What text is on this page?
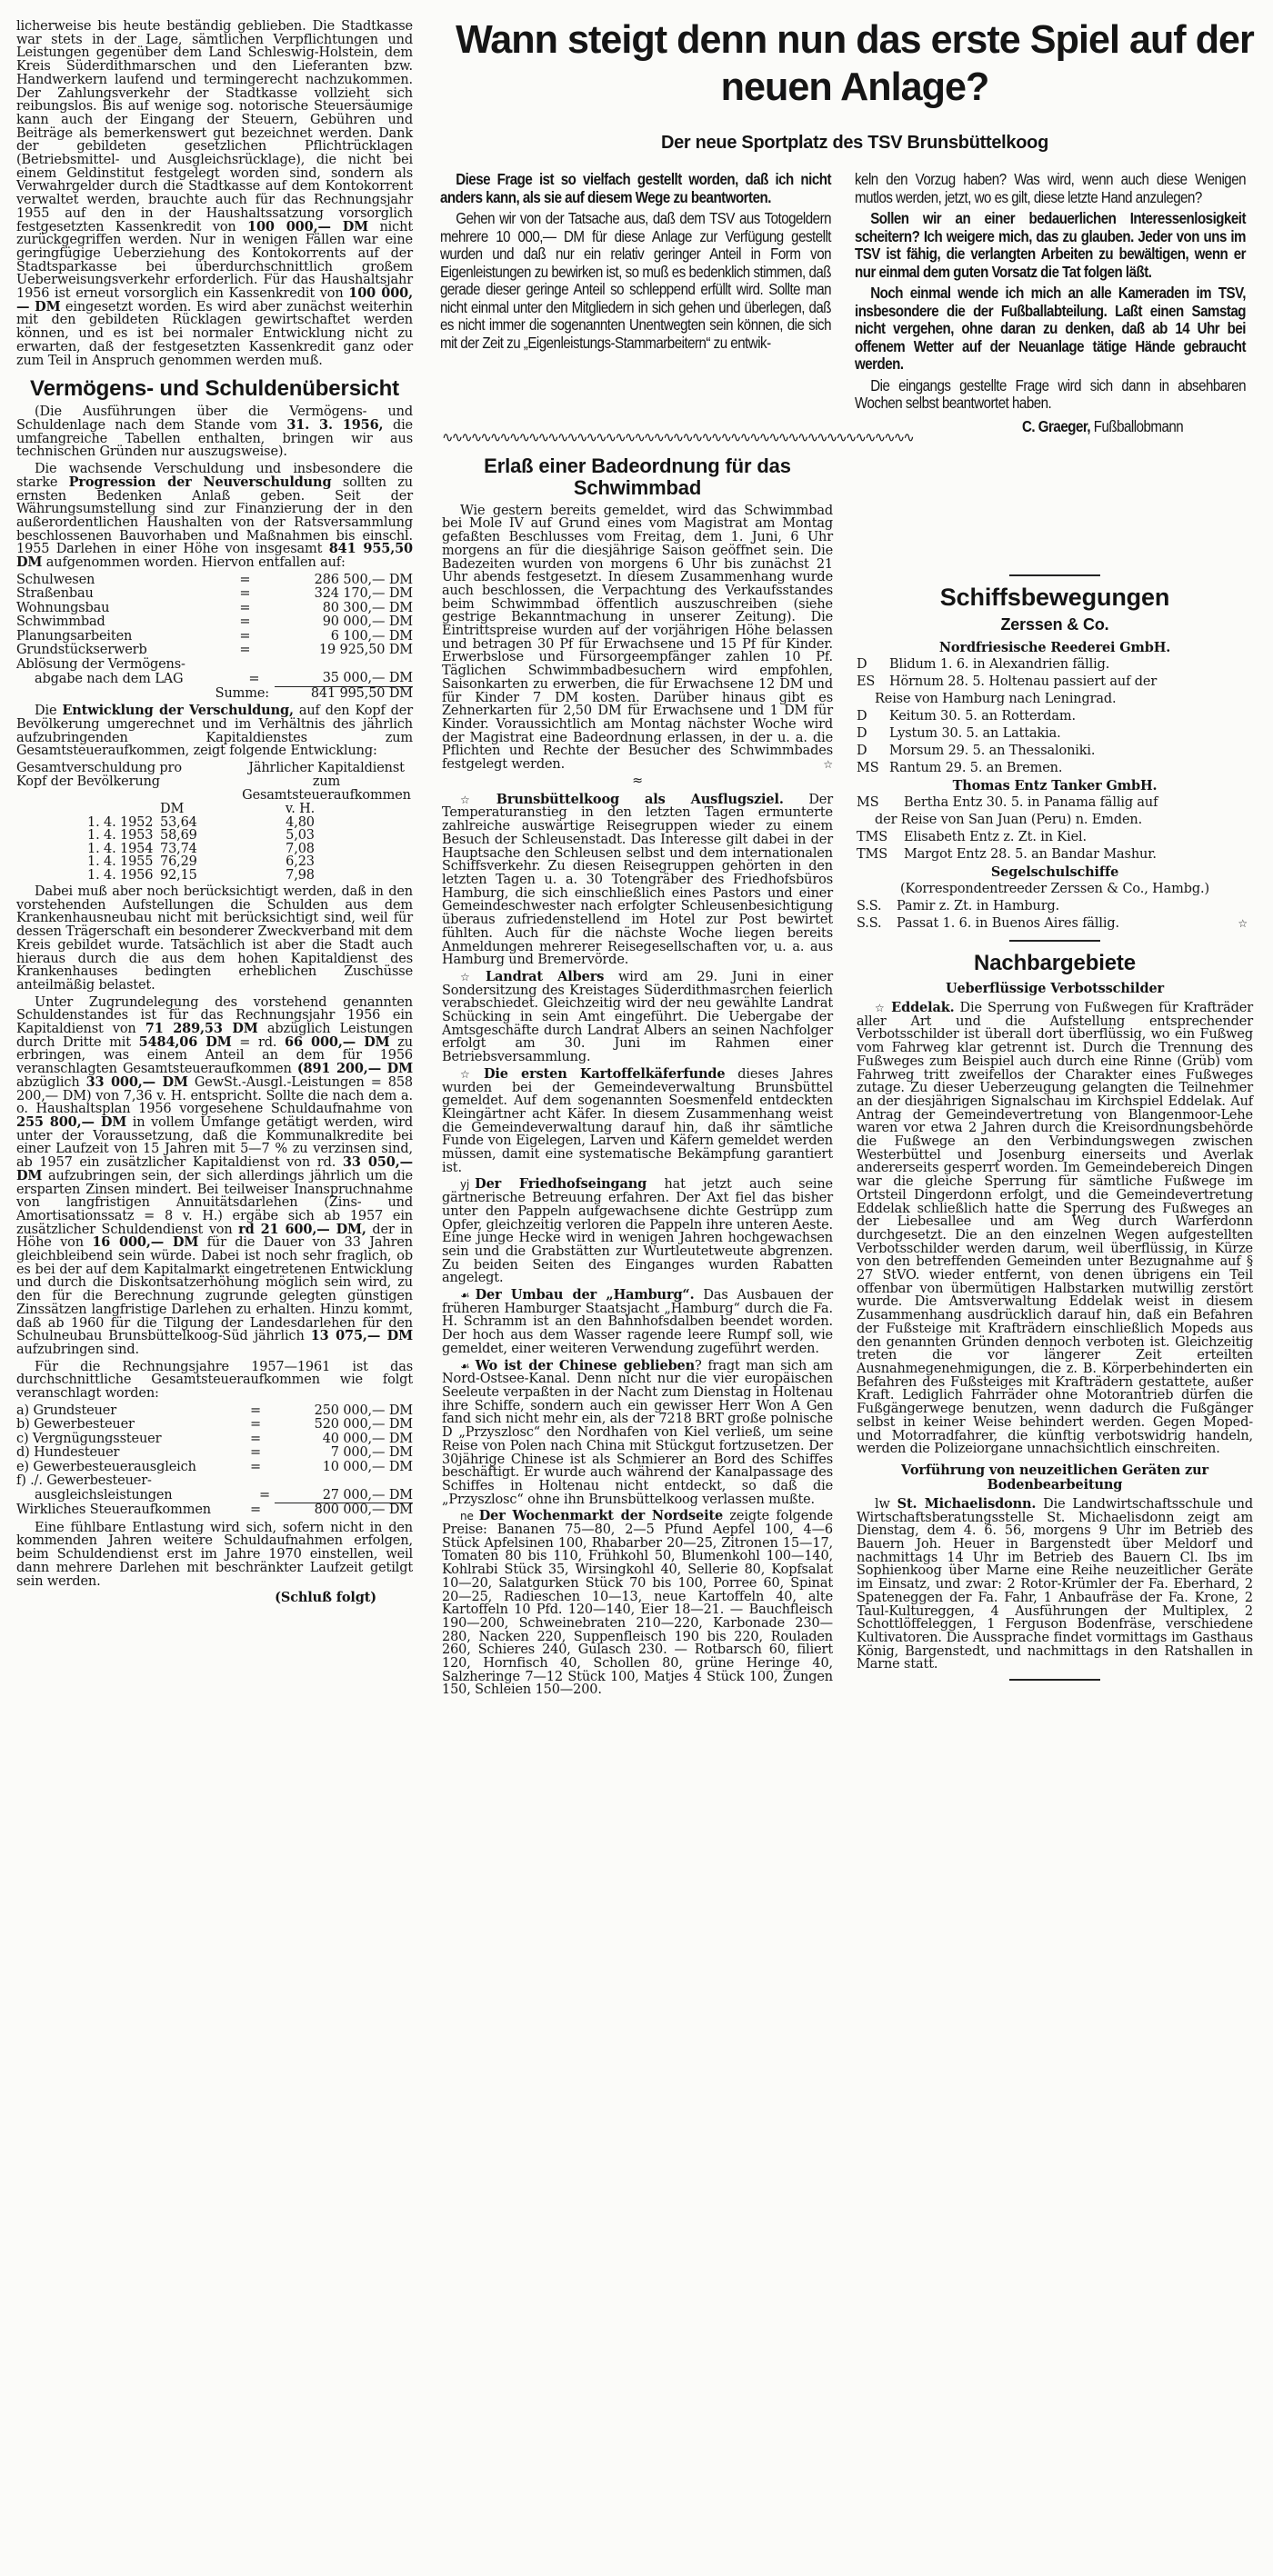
licherweise bis heute beständig geblieben. Die Stadtkasse war stets in der Lage, sämtlichen Verpflichtungen und Leistungen gegenüber dem Land Schleswig-Holstein, dem Kreis Süderdithmarschen und den Lieferanten bzw. Handwerkern laufend und termingerecht nachzukommen. Der Zahlungsverkehr der Stadtkasse vollzieht sich reibungslos. Bis auf wenige sog. notorische Steuersäumige kann auch der Eingang der Steuern, Gebühren und Beiträge als bemerkenswert gut bezeichnet werden. Dank der gebildeten gesetzlichen Pflichtrücklagen (Betriebsmittel- und Ausgleichsrücklage), die nicht bei einem Geldinstitut festgelegt worden sind, sondern als Verwahrgelder durch die Stadtkasse auf dem Kontokorrent verwaltet werden, brauchte auch für das Rechnungsjahr 1955 auf den in der Haushaltssatzung vorsorglich festgesetzten Kassenkredit von 100 000,— DM nicht zurückgegriffen werden. Nur in wenigen Fällen war eine geringfügige Ueberziehung des Kontokorrents auf der Stadtsparkasse bei überdurchschnittlich großem Ueberweisungsverkehr erforderlich. Für das Haushaltsjahr 1956 ist erneut vorsorglich ein Kassenkredit von 100 000,— DM eingesetzt worden. Es wird aber zunächst weiterhin mit den gebildeten Rücklagen gewirtschaftet werden können, und es ist bei normaler Entwicklung nicht zu erwarten, daß der festgesetzten Kassenkredit ganz oder zum Teil in Anspruch genommen werden muß.

Vermögens- und Schuldenübersicht

(Die Ausführungen über die Vermögens- und Schuldenlage nach dem Stande vom 31. 3. 1956, die umfangreiche Tabellen enthalten, bringen wir aus technischen Gründen nur auszugsweise).

Die wachsende Verschuldung und insbesondere die starke Progression der Neuverschuldung sollten zu ernsten Bedenken Anlaß geben. Seit der Währungsumstellung sind zur Finanzierung der in den außerordentlichen Haushalten von der Ratsversammlung beschlossenen Bauvorhaben und Maßnahmen bis einschl. 1955 Darlehen in einer Höhe von insgesamt 841 955,50 DM aufgenommen worden. Hiervon entfallen auf:

Schulwesen	=	286 500,— DM
Straßenbau	=	324 170,— DM
Wohnungsbau	=	80 300,— DM
Schwimmbad	=	90 000,— DM
Planungsarbeiten	=	6 100,— DM
Grundstückserwerb	=	19 925,50 DM
Ablösung der Vermögens-		
abgabe nach dem LAG	=	35 000,— DM
	Summe:	841 995,50 DM

Die Entwicklung der Verschuldung, auf den Kopf der Bevölkerung umgerechnet und im Verhältnis des jährlich aufzubringenden Kapitaldienstes zum Gesamtsteueraufkommen, zeigt folgende Entwicklung:

Gesamtverschuldung pro Kopf der Bevölkerung
Jährlicher Kapitaldienst zum Gesamtsteueraufkommen
	DM	v. H.
1. 4. 1952	53,64	4,80
1. 4. 1953	58,69	5,03
1. 4. 1954	73,74	7,08
1. 4. 1955	76,29	6,23
1. 4. 1956	92,15	7,98

Dabei muß aber noch berücksichtigt werden, daß in den vorstehenden Aufstellungen die Schulden aus dem Krankenhausneubau nicht mit berücksichtigt sind, weil für dessen Trägerschaft ein besonderer Zweckverband mit dem Kreis gebildet wurde. Tatsächlich ist aber die Stadt auch hieraus durch die aus dem hohen Kapitaldienst des Krankenhauses bedingten erheblichen Zuschüsse anteilmäßig belastet.

Unter Zugrundelegung des vorstehend genannten Schuldenstandes ist für das Rechnungsjahr 1956 ein Kapitaldienst von 71 289,53 DM abzüglich Leistungen durch Dritte mit 5484,06 DM = rd. 66 000,— DM zu erbringen, was einem Anteil an dem für 1956 veranschlagten Gesamtsteueraufkommen (891 200,— DM abzüglich 33 000,— DM GewSt.-Ausgl.-Leistungen = 858 200,— DM) von 7,36 v. H. entspricht. Sollte die nach dem a. o. Haushaltsplan 1956 vorgesehene Schuldaufnahme von 255 800,— DM in vollem Umfange getätigt werden, wird unter der Voraussetzung, daß die Kommunalkredite bei einer Laufzeit von 15 Jahren mit 5—7 % zu verzinsen sind, ab 1957 ein zusätzlicher Kapitaldienst von rd. 33 050,— DM aufzubringen sein, der sich allerdings jährlich um die ersparten Zinsen mindert. Bei teilweiser Inanspruchnahme von langfristigen Annuitätsdarlehen (Zins- und Amortisationssatz = 8 v. H.) ergäbe sich ab 1957 ein zusätzlicher Schuldendienst von rd 21 600,— DM, der in Höhe von 16 000,— DM für die Dauer von 33 Jahren gleichbleibend sein würde. Dabei ist noch sehr fraglich, ob es bei der auf dem Kapitalmarkt eingetretenen Entwicklung und durch die Diskontsatzerhöhung möglich sein wird, zu den für die Berechnung zugrunde gelegten günstigen Zinssätzen langfristige Darlehen zu erhalten. Hinzu kommt, daß ab 1960 für die Tilgung der Landesdarlehen für den Schulneubau Brunsbüttelkoog-Süd jährlich 13 075,— DM aufzubringen sind.

Für die Rechnungsjahre 1957—1961 ist das durchschnittliche Gesamtsteueraufkommen wie folgt veranschlagt worden:

a) Grundsteuer	=	250 000,— DM
b) Gewerbesteuer	=	520 000,— DM
c) Vergnügungssteuer	=	40 000,— DM
d) Hundesteuer	=	7 000,— DM
e) Gewerbesteuerausgleich	=	10 000,— DM
f) ./. Gewerbesteuer-		
ausgleichsleistungen	=	27 000,— DM
Wirkliches Steueraufkommen	=	800 000,— DM

Eine fühlbare Entlastung wird sich, sofern nicht in den kommenden Jahren weitere Schuldaufnahmen erfolgen, beim Schuldendienst erst im Jahre 1970 einstellen, weil dann mehrere Darlehen mit beschränkter Laufzeit getilgt sein werden.

(Schluß folgt)
Wann steigt denn nun das erste Spiel auf der neuen Anlage?
Der neue Sportplatz des TSV Brunsbüttelkoog

Diese Frage ist so vielfach gestellt worden, daß ich nicht anders kann, als sie auf diesem Wege zu beantworten.

Gehen wir von der Tatsache aus, daß dem TSV aus Totogeldern mehrere 10 000,— DM für diese Anlage zur Verfügung gestellt wurden und daß nur ein relativ geringer Anteil in Form von Eigenleistungen zu bewirken ist, so muß es bedenklich stimmen, daß gerade dieser geringe Anteil so schleppend erfüllt wird. Sollte man nicht einmal unter den Mitgliedern in sich gehen und überlegen, daß es nicht immer die sogenannten Unentwegten sein können, die sich mit der Zeit zu „Eigenleistungs-Stammarbeitern“ zu entwik-

keln den Vorzug haben? Was wird, wenn auch diese Wenigen mutlos werden, jetzt, wo es gilt, diese letzte Hand anzulegen?

Sollen wir an einer bedauerlichen Interessenlosigkeit scheitern? Ich weigere mich, das zu glauben. Jeder von uns im TSV ist fähig, die verlangten Arbeiten zu bewältigen, wenn er nur einmal dem guten Vorsatz die Tat folgen läßt.

Noch einmal wende ich mich an alle Kameraden im TSV, insbesondere die der Fußballabteilung. Laßt einen Samstag nicht vergehen, ohne daran zu denken, daß ab 14 Uhr bei offenem Wetter auf der Neuanlage tätige Hände gebraucht werden.

Die eingangs gestellte Frage wird sich dann in absehbaren Wochen selbst beantwortet haben.

C. Graeger, Fußballobmann
∿∿∿∿∿∿∿∿∿∿∿∿∿∿∿∿∿∿∿∿∿∿∿∿∿∿∿∿∿∿∿∿∿∿∿∿∿∿∿∿∿∿∿∿∿∿∿∿∿
Erlaß einer Badeordnung für das Schwimmbad

Wie gestern bereits gemeldet, wird das Schwimmbad bei Mole IV auf Grund eines vom Magistrat am Montag gefaßten Beschlusses vom Freitag, dem 1. Juni, 6 Uhr morgens an für die diesjährige Saison geöffnet sein. Die Badezeiten wurden von morgens 6 Uhr bis zunächst 21 Uhr abends festgesetzt. In diesem Zusammenhang wurde auch beschlossen, die Verpachtung des Verkaufsstandes beim Schwimmbad öffentlich auszuschreiben (siehe gestrige Bekanntmachung in unserer Zeitung). Die Eintrittspreise wurden auf der vorjährigen Höhe belassen und betragen 30 Pf für Erwachsene und 15 Pf für Kinder. Erwerbslose und Fürsorgeempfänger zahlen 10 Pf. Täglichen Schwimmbadbesuchern wird empfohlen, Saisonkarten zu erwerben, die für Erwachsene 12 DM und für Kinder 7 DM kosten. Darüber hinaus gibt es Zehnerkarten für 2,50 DM für Erwachsene und 1 DM für Kinder. Voraussichtlich am Montag nächster Woche wird der Magistrat eine Badeordnung erlassen, in der u. a. die Pflichten und Rechte der Besucher des Schwimmbades festgelegt werden.	☆

≈

☆ Brunsbüttelkoog als Ausflugsziel. Der Temperaturanstieg in den letzten Tagen ermunterte zahlreiche auswärtige Reisegruppen wieder zu einem Besuch der Schleusenstadt. Das Interesse gilt dabei in der Hauptsache den Schleusen selbst und dem internationalen Schiffsverkehr. Zu diesen Reisegruppen gehörten in den letzten Tagen u. a. 30 Totengräber des Friedhofsbüros Hamburg, die sich einschließlich eines Pastors und einer Gemeindeschwester nach erfolgter Schleusenbesichtigung überaus zufriedenstellend im Hotel zur Post bewirtet fühlten. Auch für die nächste Woche liegen bereits Anmeldungen mehrerer Reisegesellschaften vor, u. a. aus Hamburg und Bremervörde.

☆ Landrat Albers wird am 29. Juni in einer Sondersitzung des Kreistages Süderdithmasrchen feierlich verabschiedet. Gleichzeitig wird der neu gewählte Landrat Schücking in sein Amt eingeführt. Die Uebergabe der Amtsgeschäfte durch Landrat Albers an seinen Nachfolger erfolgt am 30. Juni im Rahmen einer Betriebsversammlung.

☆ Die ersten Kartoffelkäferfunde dieses Jahres wurden bei der Gemeindeverwaltung Brunsbüttel gemeldet. Auf dem sogenannten Soesmenfeld entdeckten Kleingärtner acht Käfer. In diesem Zusammenhang weist die Gemeindeverwaltung darauf hin, daß ihr sämtliche Funde von Eigelegen, Larven und Käfern gemeldet werden müssen, damit eine systematische Bekämpfung garantiert ist.

yj Der Friedhofseingang hat jetzt auch seine gärtnerische Betreuung erfahren. Der Axt fiel das bisher unter den Pappeln aufgewachsene dichte Gestrüpp zum Opfer, gleichzeitig verloren die Pappeln ihre unteren Aeste. Eine junge Hecke wird in wenigen Jahren hochgewachsen sein und die Grabstätten zur Wurtleutetweute abgrenzen. Zu beiden Seiten des Einganges wurden Rabatten angelegt.

☙ Der Umbau der „Hamburg“. Das Ausbauen der früheren Hamburger Staatsjacht „Hamburg“ durch die Fa. H. Schramm ist an den Bahnhofsdalben beendet worden. Der hoch aus dem Wasser ragende leere Rumpf soll, wie gemeldet, einer weiteren Verwendung zugeführt werden.

☙ Wo ist der Chinese geblieben? fragt man sich am Nord-Ostsee-Kanal. Denn nicht nur die vier europäischen Seeleute verpaßten in der Nacht zum Dienstag in Holtenau ihre Schiffe, sondern auch ein gewisser Herr Won A Gen fand sich nicht mehr ein, als der 7218 BRT große polnische D „Przyszlosc“ den Nordhafen von Kiel verließ, um seine Reise von Polen nach China mit Stückgut fortzusetzen. Der 30jährige Chinese ist als Schmierer an Bord des Schiffes beschäftigt. Er wurde auch während der Kanalpassage des Schiffes in Holtenau nicht entdeckt, so daß die „Przyszlosc“ ohne ihn Brunsbüttelkoog verlassen mußte.

ne Der Wochenmarkt der Nordseite zeigte folgende Preise: Bananen 75—80, 2—5 Pfund Aepfel 100, 4—6 Stück Apfelsinen 100, Rhabarber 20—25, Zitronen 15—17, Tomaten 80 bis 110, Frühkohl 50, Blumenkohl 100—140, Kohlrabi Stück 35, Wirsingkohl 40, Sellerie 80, Kopfsalat 10—20, Salatgurken Stück 70 bis 100, Porree 60, Spinat 20—25, Radieschen 10—13, neue Kartoffeln 40, alte Kartoffeln 10 Pfd. 120—140, Eier 18—21. — Bauchfleisch 190—200, Schweinebraten 210—220, Karbonade 230—280, Nacken 220, Suppenfleisch 190 bis 220, Rouladen 260, Schieres 240, Gulasch 230. — Rotbarsch 60, filiert 120, Hornfisch 40, Schollen 80, grüne Heringe 40, Salzheringe 7—12 Stück 100, Matjes 4 Stück 100, Zungen 150, Schleien 150—200.

Schiffsbewegungen
Zerssen & Co.
Nordfriesische Reederei GmbH.
D	Blidum 1. 6. in Alexandrien fällig.
ES	Hörnum 28. 5. Holtenau passiert auf der
Reise von Hamburg nach Leningrad.
D	Keitum 30. 5. an Rotterdam.
D	Lystum 30. 5. an Lattakia.
D	Morsum 29. 5. an Thessaloniki.
MS Rantum 29. 5. an Bremen.
Thomas Entz Tanker GmbH.
MS	Bertha Entz 30. 5. in Panama fällig auf
der Reise von San Juan (Peru) n. Emden.
TMS	Elisabeth Entz z. Zt. in Kiel.
TMS	Margot Entz 28. 5. an Bandar Mashur.
Segelschulschiffe
(Korrespondentreeder Zerssen & Co., Hambg.)
S.S.	Pamir z. Zt. in Hamburg.
S.S.	Passat 1. 6. in Buenos Aires fällig.	☆
Nachbargebiete
Ueberflüssige Verbotsschilder

☆ Eddelak. Die Sperrung von Fußwegen für Krafträder aller Art und die Aufstellung entsprechender Verbotsschilder ist überall dort überflüssig, wo ein Fußweg vom Fahrweg klar getrennt ist. Durch die Trennung des Fußweges zum Beispiel auch durch eine Rinne (Grüb) vom Fahrweg tritt zweifellos der Charakter eines Fußweges zutage. Zu dieser Ueberzeugung gelangten die Teilnehmer an der diesjährigen Signalschau im Kirchspiel Eddelak. Auf Antrag der Gemeindevertretung von Blangenmoor-Lehe waren vor etwa 2 Jahren durch die Kreisordnungsbehörde die Fußwege an den Verbindungswegen zwischen Westerbüttel und Josenburg einerseits und Averlak andererseits gesperrt worden. Im Gemeindebereich Dingen war die gleiche Sperrung für sämtliche Fußwege im Ortsteil Dingerdonn erfolgt, und die Gemeindevertretung Eddelak schließlich hatte die Sperrung des Fußweges an der Liebesallee und am Weg durch Warferdonn durchgesetzt. Die an den einzelnen Wegen aufgestellten Verbotsschilder werden darum, weil überflüssig, in Kürze von den betreffenden Gemeinden unter Bezugnahme auf § 27 StVO. wieder entfernt, von denen übrigens ein Teil offenbar von übermütigen Halbstarken mutwillig zerstört wurde. Die Amtsverwaltung Eddelak weist in diesem Zusammenhang ausdrücklich darauf hin, daß ein Befahren der Fußsteige mit Krafträdern einschließlich Mopeds aus den genannten Gründen dennoch verboten ist. Gleichzeitig treten die vor längerer Zeit erteilten Ausnahmegenehmigungen, die z. B. Körperbehinderten ein Befahren des Fußsteiges mit Krafträdern gestattete, außer Kraft. Lediglich Fahrräder ohne Motorantrieb dürfen die Fußgängerwege benutzen, wenn dadurch die Fußgänger selbst in keiner Weise behindert werden. Gegen Moped- und Motorradfahrer, die künftig verbotswidrig handeln, werden die Polizeiorgane unnachsichtlich einschreiten.

Vorführung von neuzeitlichen Geräten zur Bodenbearbeitung

lw St. Michaelisdonn. Die Landwirtschaftsschule und Wirtschaftsberatungsstelle St. Michaelisdonn zeigt am Dienstag, dem 4. 6. 56, morgens 9 Uhr im Betrieb des Bauern Joh. Heuer in Bargenstedt über Meldorf und nachmittags 14 Uhr im Betrieb des Bauern Cl. Ibs im Sophienkoog über Marne eine Reihe neuzeitlicher Geräte im Einsatz, und zwar: 2 Rotor-Krümler der Fa. Eberhard, 2 Spateneggen der Fa. Fahr, 1 Anbaufräse der Fa. Krone, 2 Taul-Kultureggen, 4 Ausführungen der Multiplex, 2 Schottlöffeleggen, 1 Ferguson Bodenfräse, verschiedene Kultivatoren. Die Aussprache findet vormittags im Gasthaus König, Bargenstedt, und nachmittags in den Ratshallen in Marne statt.
